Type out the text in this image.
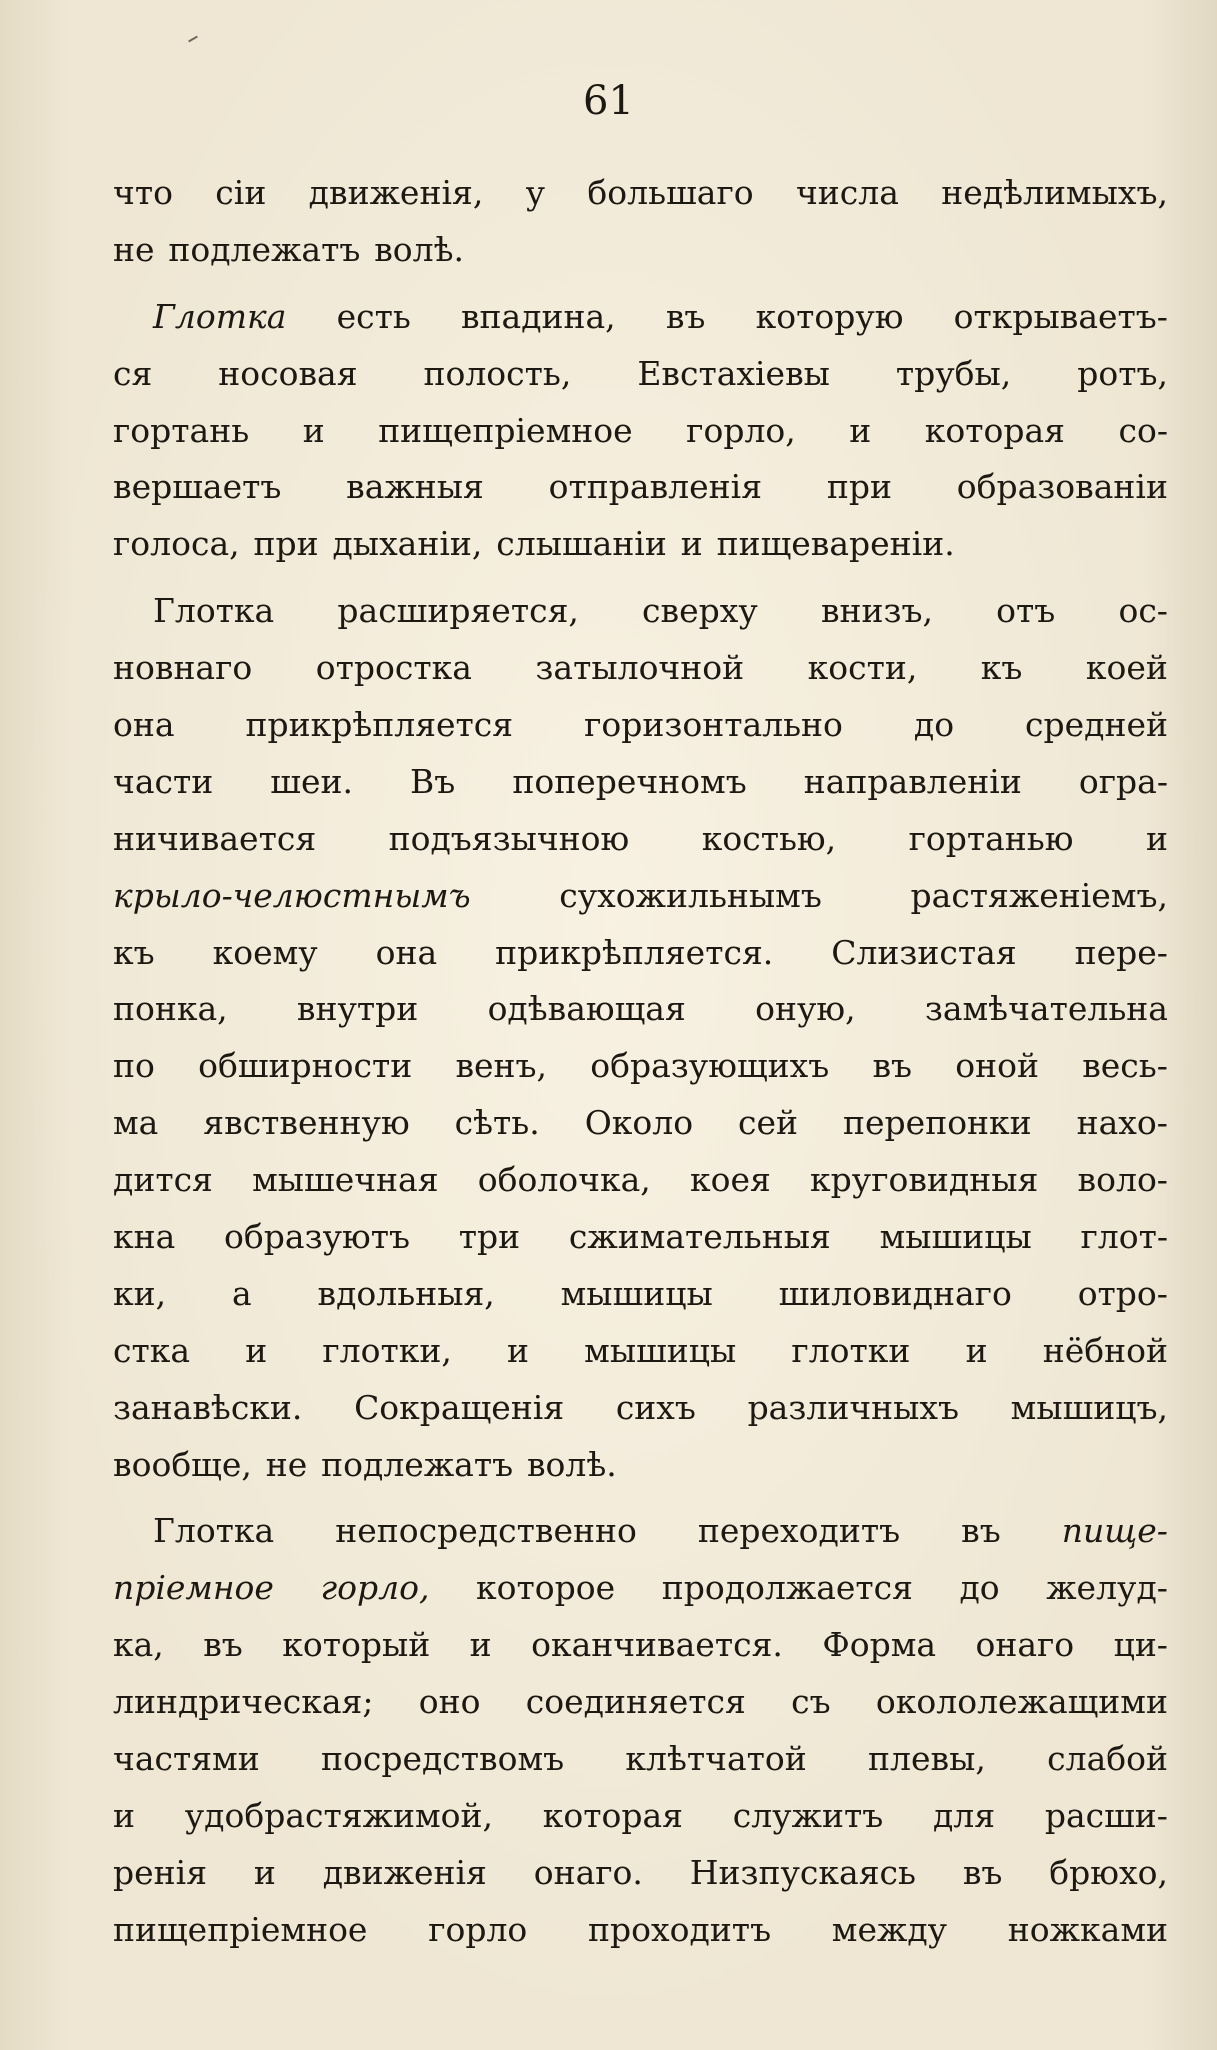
61
что сіи движенія, у большаго числа недѣлимыхъ,
не подлежатъ волѣ.
Глотка есть впадина, въ которую открываетъ-
ся носовая полость, Евстахіевы трубы, ротъ,
гортань и пищепріемное горло, и которая со-
вершаетъ важныя отправленія при образованіи
голоса, при дыханіи, слышаніи и пищевареніи.
Глотка расширяется, сверху внизъ, отъ ос-
новнаго отростка затылочной кости, къ коей
она прикрѣпляется горизонтально до средней
части шеи. Въ поперечномъ направленіи огра-
ничивается подъязычною костью, гортанью и
крыло-челюстнымъ	сухожильнымъ	растяженіемъ,
къ коему она прикрѣпляется. Слизистая пере-
понка, внутри одѣвающая оную, замѣчательна
по обширности венъ, образующихъ въ оной весь-
ма явственную сѣть. Около сей перепонки нахо-
дится мышечная оболочка, коея круговидныя воло-
кна образуютъ три сжимательныя мышицы глот-
ки, а вдольныя, мышицы шиловиднаго отро-
стка и глотки, и мышицы глотки и нёбной
занавѣски. Сокращенія сихъ различныхъ мышицъ,
вообще, не подлежатъ волѣ.
Глотка непосредственно переходитъ въ пище-
пріемное горло, которое продолжается до желуд-
ка, въ который и оканчивается. Форма онаго ци-
линдрическая; оно соединяется съ окололежащими
частями посредствомъ клѣтчатой плевы, слабой
и удобрастяжимой, которая служитъ для расши-
ренія и движенія онаго. Низпускаясь въ брюхо,
пищепріемное горло проходитъ между ножками
